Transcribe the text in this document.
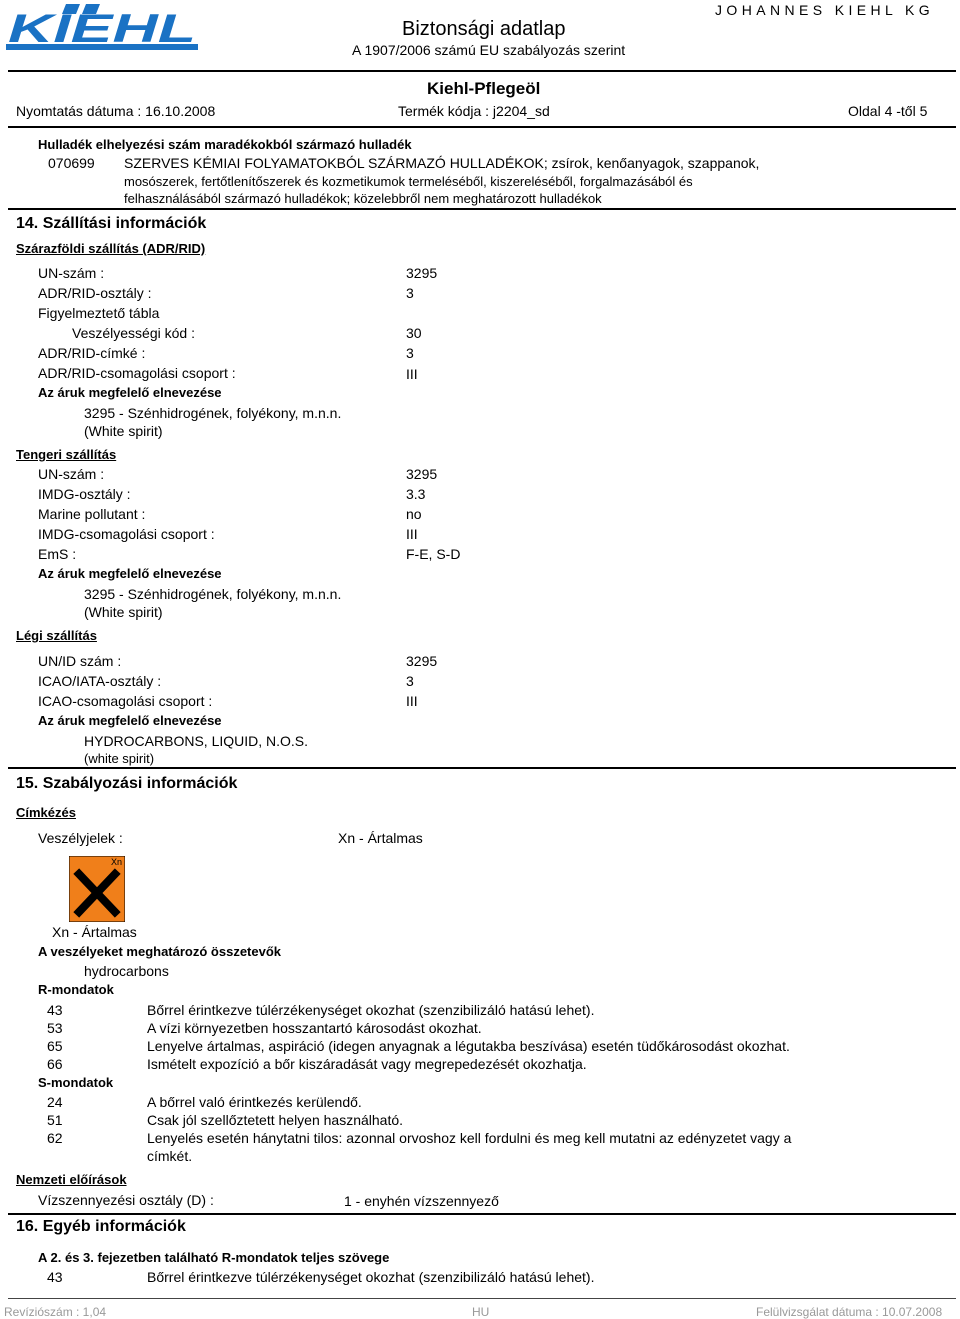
KIEHL	Biztonsági adatlap
A 1907/2006 számú EU szabályozás szerint
JOHANNES KIEHL KG
Kiehl-Pflegeöl
Nyomtatás dátuma : 16.10.2008	Termék kódja : j2204_sd	Oldal 4 -től 5
Hulladék elhelyezési szám maradékokból származó hulladék
070699 SZERVES KÉMIAI FOLYAMATOKBÓL SZÁRMAZÓ HULLADÉKOK; zsírok, kenőanyagok, szappanok,
mosószerek, fertőtlenítőszerek és kozmetikumok termeléséből, kiszereléséből, forgalmazásából és
felhasználásából származó hulladékok; közelebbről nem meghatározott hulladékok
14. Szállítási információk
Szárazföldi szállítás (ADR/RID)
UN-szám :	3295
ADR/RID-osztály :	3
Figyelmeztető tábla
Veszélyességi kód :	30
ADR/RID-címké :	3
ADR/RID-csomagolási csoport :	III
Az áruk megfelelő elnevezése
3295 - Szénhidrogének, folyékony, m.n.n.
(White spirit)
Tengeri szállítás
UN-szám :	3295
IMDG-osztály :	3.3
Marine pollutant :	no
IMDG-csomagolási csoport :	III
EmS :	F-E, S-D
Az áruk megfelelő elnevezése
3295 - Szénhidrogének, folyékony, m.n.n.
(White spirit)
Légi szállítás
UN/ID szám :	3295
ICAO/IATA-osztály :	3
ICAO-csomagolási csoport :	III
Az áruk megfelelő elnevezése
HYDROCARBONS, LIQUID, N.O.S.
(white spirit)
15. Szabályozási információk
Címkézés
Veszélyjelek :	Xn - Ártalmas
Xn
Xn - Ártalmas
A veszélyeket meghatározó összetevők
hydrocarbons
R-mondatok
43	Bőrrel érintkezve túlérzékenységet okozhat (szenzibilizáló hatású lehet).
53	A vízi környezetben hosszantartó károsodást okozhat.
65	Lenyelve ártalmas, aspiráció (idegen anyagnak a légutakba beszívása) esetén tüdőkárosodást okozhat.
66	Ismételt expozíció a bőr kiszáradását vagy megrepedezését okozhatja.
S-mondatok
24	A bőrrel való érintkezés kerülendő.
51	Csak jól szellőztetett helyen használható.
62	Lenyelés esetén hánytatni tilos: azonnal orvoshoz kell fordulni és meg kell mutatni az edényzetet vagy a
címkét.
Nemzeti előírások
Vízszennyezési osztály (D) :	1 - enyhén vízszennyező
16. Egyéb információk
A 2. és 3. fejezetben található R-mondatok teljes szövege
43	Bőrrel érintkezve túlérzékenységet okozhat (szenzibilizáló hatású lehet).
Revíziószám : 1,04	HU	Felülvizsgálat dátuma : 10.07.2008
